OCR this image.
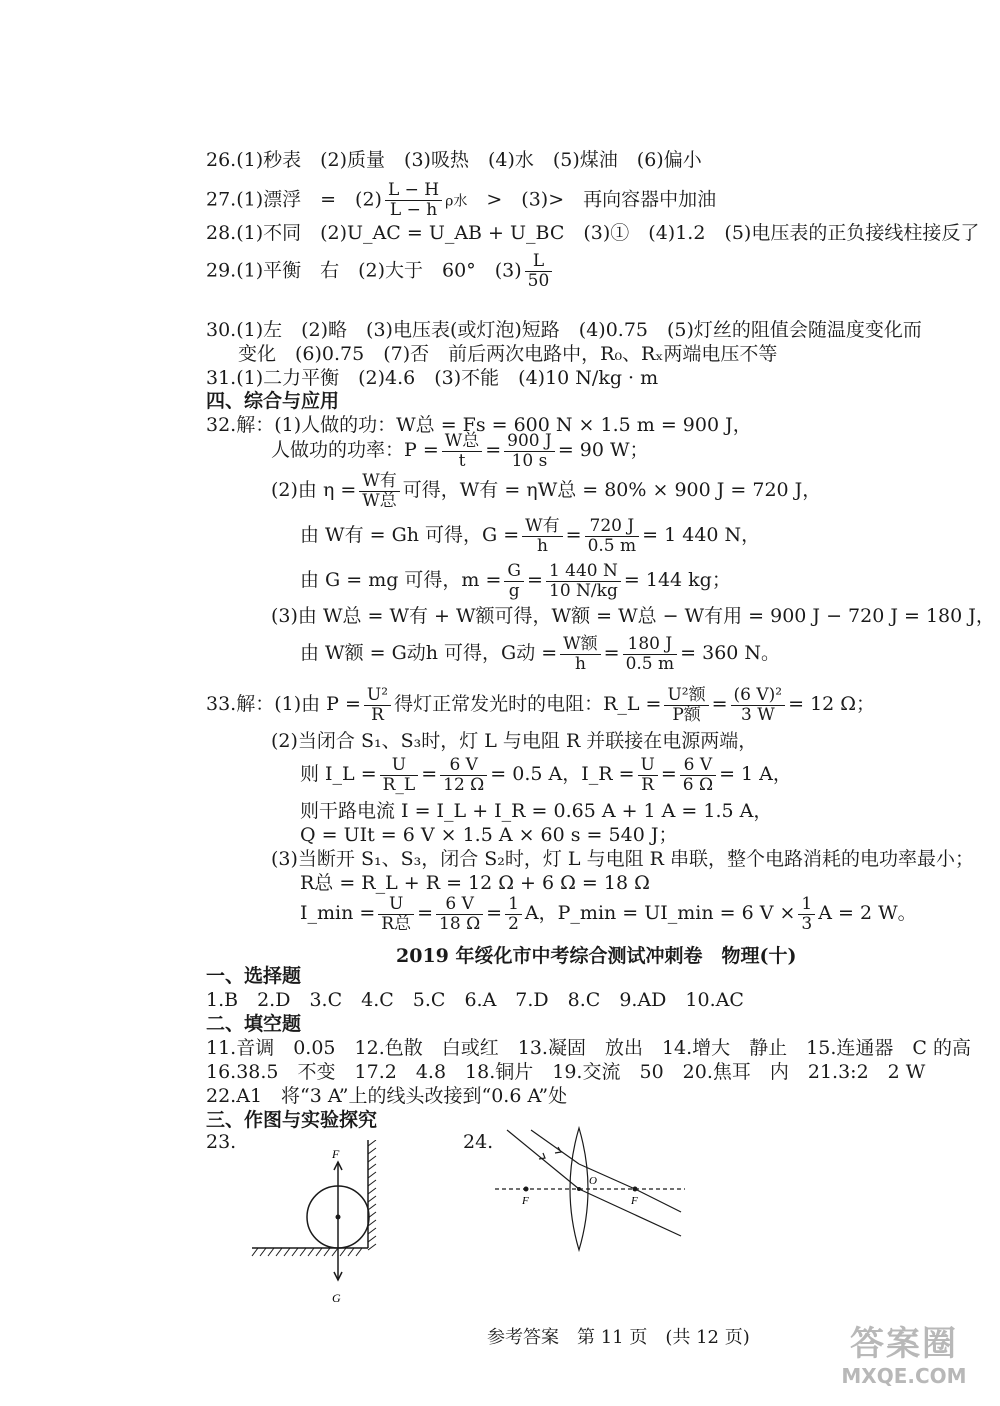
26.(1)秒表　(2)质量　(3)吸热　(4)水　(5)煤油　(6)偏小
27.(1)漂浮　=　$(2) \frac{L - H}{L - h}$ ρ水　>　(3)>　再向容器中加油
28.(1)不同　(2)U_AC = U_AB + U_BC　(3)①　(4)1.2　(5)电压表的正负接线柱接反了
29.(1)平衡　右　(2)大于　60°　$(3) \frac{L}{50}$
30.(1)左　(2)略　(3)电压表(或灯泡)短路　(4)0.75　(5)灯丝的阻值会随温度变化而
变化　(6)0.75　(7)否　前后两次电路中，R₀、Rₓ两端电压不等
31.(1)二力平衡　(2)4.6　(3)不能　(4)10 N/kg · m
四、综合与应用
32.解：(1)人做的功：W总 = Fs = 600 N × 1.5 m = 900 J，
人做功的功率：$P = \frac{\text{W总}}{t} = \frac{900 J}{10 s} = 90$ W；
(2)由 $\eta = \frac{\text{W有}}{\text{W总}}$ 可得，W有 = ηW总 = 80% × 900 J = 720 J，
由 W有 = Gh 可得，$G = \frac{\text{W有}}{h} = \frac{720 J}{0.5 m} = 1$ 440 N，
由 G = mg 可得，$m = \frac{G}{g} = \frac{1 440 N}{10 N/kg} = 144$ kg；
(3)由 W总 = W有 + W额可得，W额 = W总 − W有用 = 900 J − 720 J = 180 J，
由 W额 = G动h 可得，G动 = $\frac{\text{W额}}{h} = \frac{180 J}{0.5 m} = 360$ N。
33.解：(1)由 $P = \frac{\text{U²}}{R}$ 得灯正常发光时的电阻：R_L = $\frac{\text{U²额}}{\text{P额}} = \frac{\text{(6 V)²}}{3 W} = 12$ Ω；
(2)当闭合 S₁、S₃时，灯 L 与电阻 R 并联接在电源两端，
则 I_L = $\frac{U}{R\_L} = \frac{6 V}{12 \Omega} = 0.5$ A，I_R = $\frac{U}{R} = \frac{6 V}{6 \Omega} = 1$ A，
则干路电流 I = I_L + I_R = 0.65 A + 1 A = 1.5 A，
Q = UIt = 6 V × 1.5 A × 60 s = 540 J；
(3)当断开 S₁、S₃，闭合 S₂时，灯 L 与电阻 R 串联，整个电路消耗的电功率最小；
R总 = R_L + R = 12 Ω + 6 Ω = 18 Ω
I_min = $\frac{U}{\text{R总}} = \frac{6 V}{18 \Omega} = \frac{1}{2}$ A，P_min = UI_min = 6 $V \times \frac{1}{3}$ A = 2 W。
2019 年绥化市中考综合测试冲刺卷　物理(十)
一、选择题
1.B　2.D　3.C　4.C　5.C　6.A　7.D　8.C　9.AD　10.AC
二、填空题
11.音调　0.05　12.色散　白或红　13.凝固　放出　14.增大　静止　15.连通器　C 的高
16.38.5　不变　17.2　4.8　18.铜片　19.交流　50　20.焦耳　内　21.3:2　2 W
22.A1　将“3 A”上的线头改接到“0.6 A”处
三、作图与实验探究
23.	24.
F
G
F
O
F
参考答案　第 11 页　(共 12 页)	答案圈
MXQE.COM
